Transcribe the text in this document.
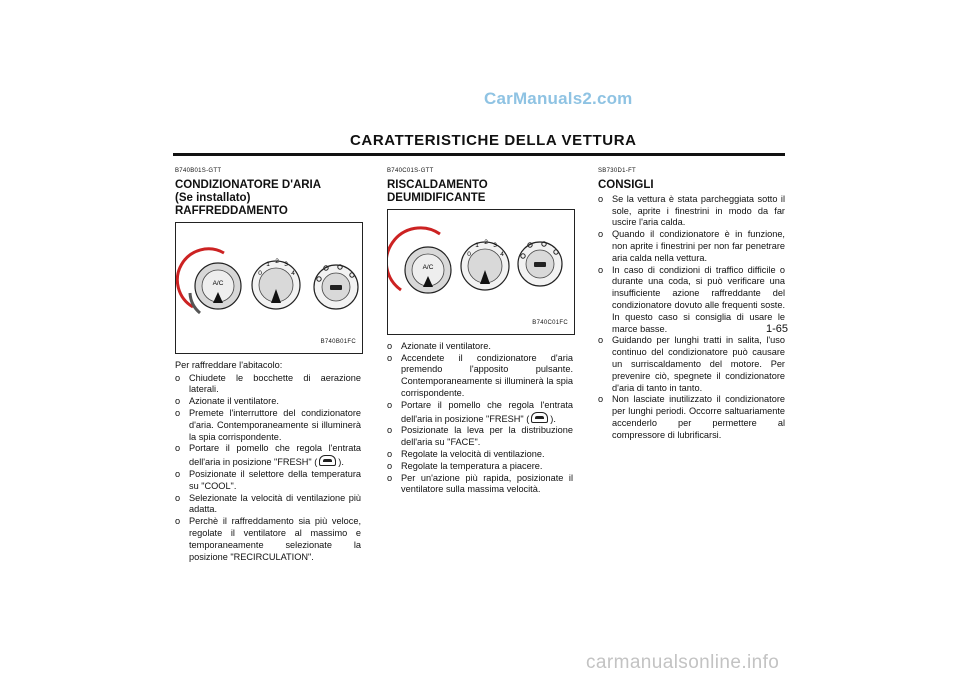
CarManuals2.com
CARATTERISTICHE DELLA VETTURA

B740B01S-GTT

CONDIZIONATORE D'ARIA
(Se installato)
RAFFREDDAMENTO
A/C
0
1 2 3
4
B740B01FC

Per raffreddare l'abitacolo:

o Chiudete le bocchette di aerazione laterali.
o Azionate il ventilatore.
o Premete l'interruttore del condizionatore d'aria. Contemporaneamente si illuminerà la spia corrispondente.
o Portare il pomello che regola l'entrata dell'aria in posizione "FRESH" ( ).
o Posizionate il selettore della temperatura su "COOL".
o Selezionate la velocità di ventilazione più adatta.
o Perchè il raffreddamento sia più veloce, regolate il ventilatore al massimo e temporaneamente selezionate la posizione "RECIRCULATION".

B740C01S-GTT

RISCALDAMENTO DEUMIDIFICANTE
A/C
0
1 2 3
4
B740C01FC
o Azionate il ventilatore.
o Accendete il condizionatore d'aria premendo l'apposito pulsante. Contemporaneamente si illuminerà la spia corrispondente.
o Portare il pomello che regola l'entrata dell'aria in posizione "FRESH" ( ).
o Posizionate la leva per la distribuzione dell'aria su "FACE".
o Regolate la velocità di ventilazione.
o Regolate la temperatura a piacere.
o Per un'azione più rapida, posizionate il ventilatore sulla massima velocità.

SB730D1-FT

CONSIGLI
o Se la vettura è stata parcheggiata sotto il sole, aprite i finestrini in modo da far uscire l'aria calda.
o Quando il condizionatore è in funzione, non aprite i finestrini per non far penetrare aria calda nella vettura.
o In caso di condizioni di traffico difficile o durante una coda, si può verificare una insufficiente azione raffreddante del condizionatore dovuto alle frequenti soste. In questo caso si consiglia di usare le marce basse.
o Guidando per lunghi tratti in salita, l'uso continuo del condizionatore può causare un surriscaldamento del motore. Per prevenire ciò, spegnete il condizionatore d'aria di tanto in tanto.
o Non lasciate inutilizzato il condizionatore per lunghi periodi. Occorre saltuariamente accenderlo per permettere al compressore di lubrificarsi.
1-65
carmanualsonline.info
